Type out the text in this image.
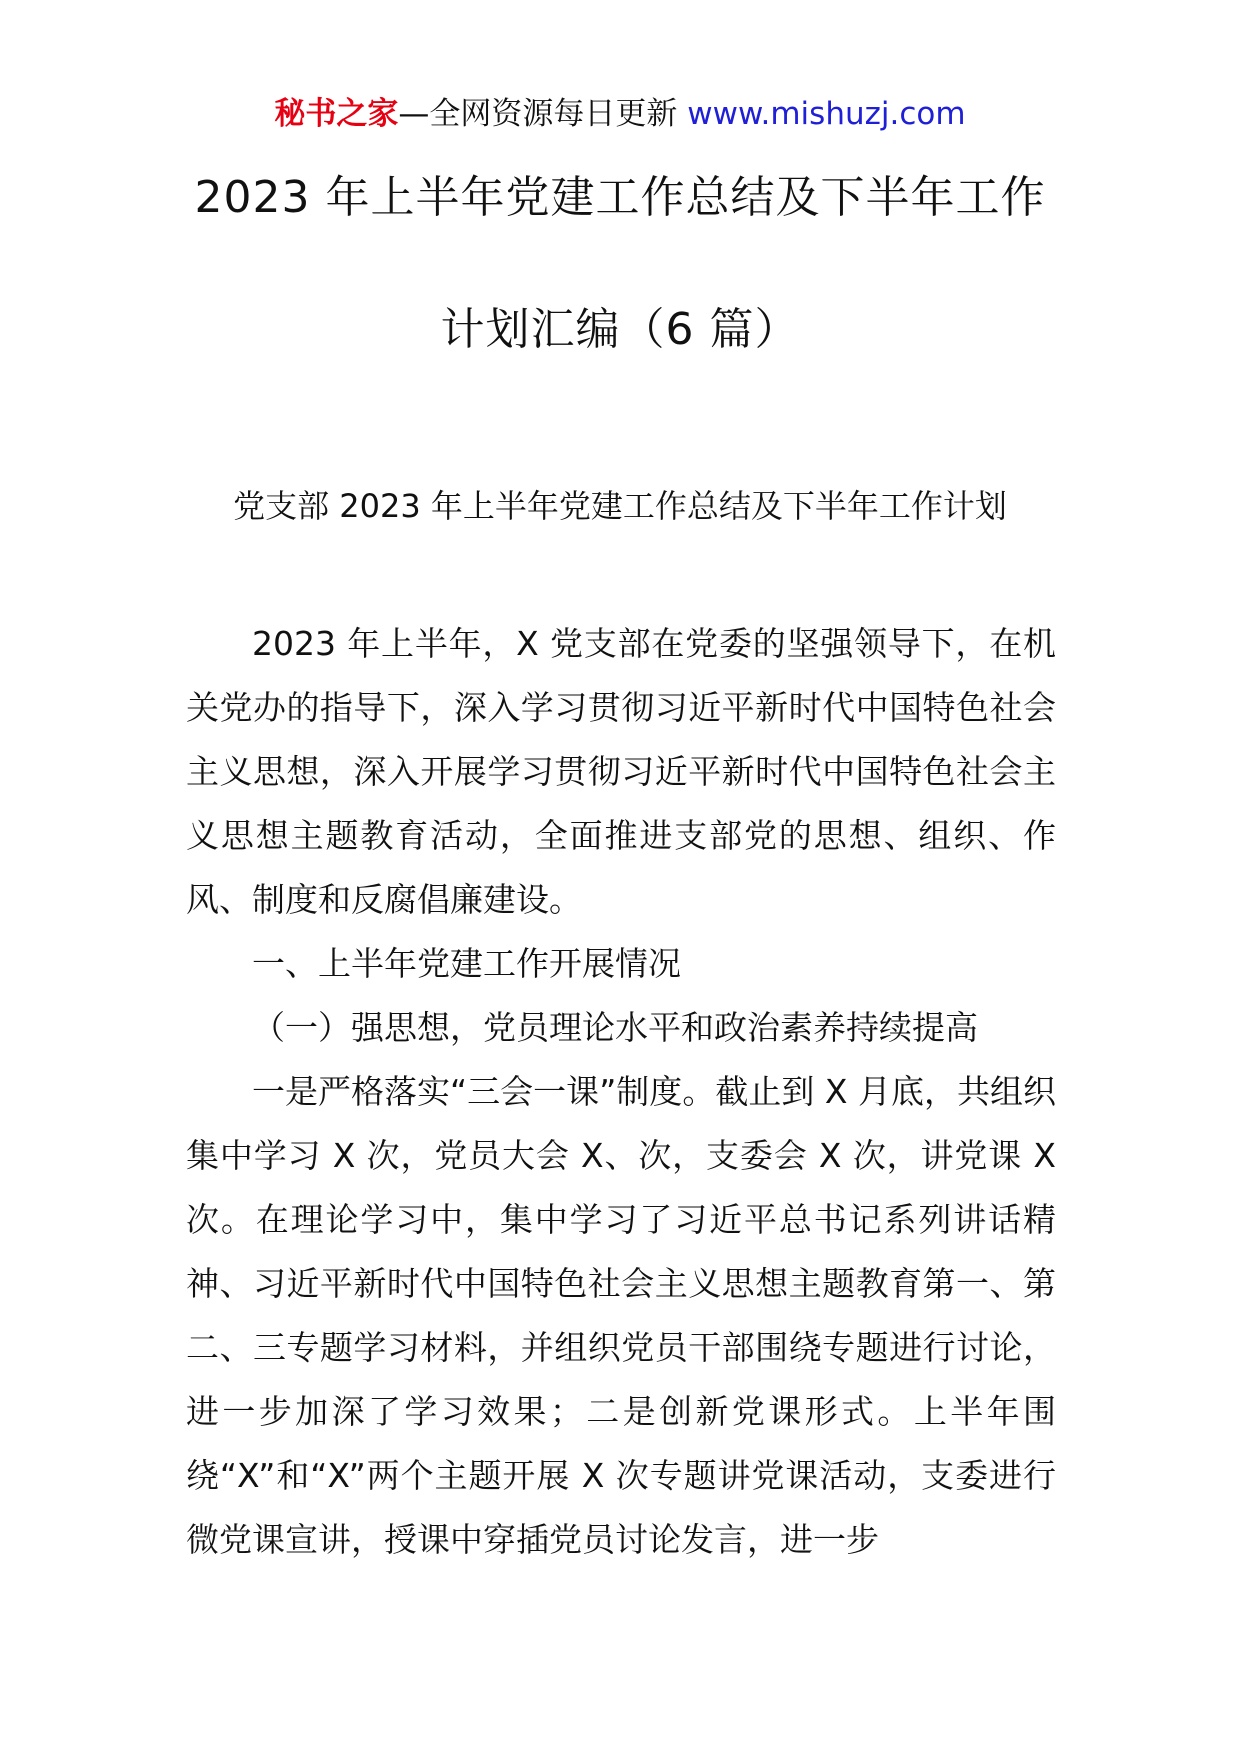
秘书之家—全网资源每日更新 www.mishuzj.com
2023 年上半年党建工作总结及下半年工作
计划汇编（6 篇）
党支部 2023 年上半年党建工作总结及下半年工作计划

2023 年上半年，X 党支部在党委的坚强领导下，在机关党办的指导下，深入学习贯彻习近平新时代中国特色社会主义思想，深入开展学习贯彻习近平新时代中国特色社会主义思想主题教育活动，全面推进支部党的思想、组织、作风、制度和反腐倡廉建设。

一、上半年党建工作开展情况

（一）强思想，党员理论水平和政治素养持续提高

一是严格落实“三会一课”制度。截止到 X 月底，共组织集中学习 X 次，党员大会 X、次，支委会 X 次，讲党课 X 次。在理论学习中，集中学习了习近平总书记系列讲话精神、习近平新时代中国特色社会主义思想主题教育第一、第二、三专题学习材料，并组织党员干部围绕专题进行讨论，进一步加深了学习效果；二是创新党课形式。上半年围绕“X”和“X”两个主题开展 X 次专题讲党课活动，支委进行微党课宣讲，授课中穿插党员讨论发言，进一步
